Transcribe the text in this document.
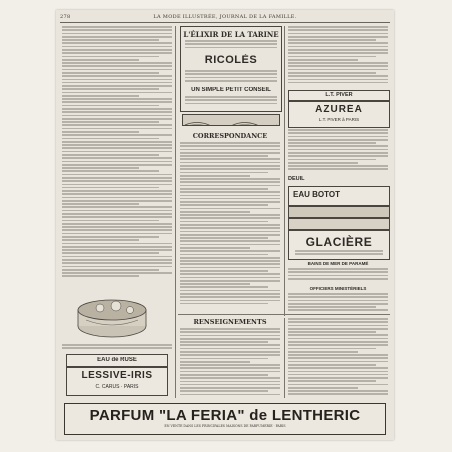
278	LA MODE ILLUSTRÉE, JOURNAL DE LA FAMILLE.
EAU de RUSE
LESSIVE-IRIS
C. CARUS · PARIS
L'ÉLIXIR DE LA TARINE
RICOLÈS
UN SIMPLE PETIT CONSEIL
CORRESPONDANCE
L.T. PIVER
AZURÉA
L.T. PIVER à PARIS
DEUIL
EAU BOTOT
GLACIÈRE
BAINS DE MER DE PARAMÉ
OFFICIERS MINISTÉRIELS
RENSEIGNEMENTS
PARFUM "LA FERIA" de LENTHERIC
EN VENTE DANS LES PRINCIPALES MAISONS DE PARFUMERIE · PARIS
